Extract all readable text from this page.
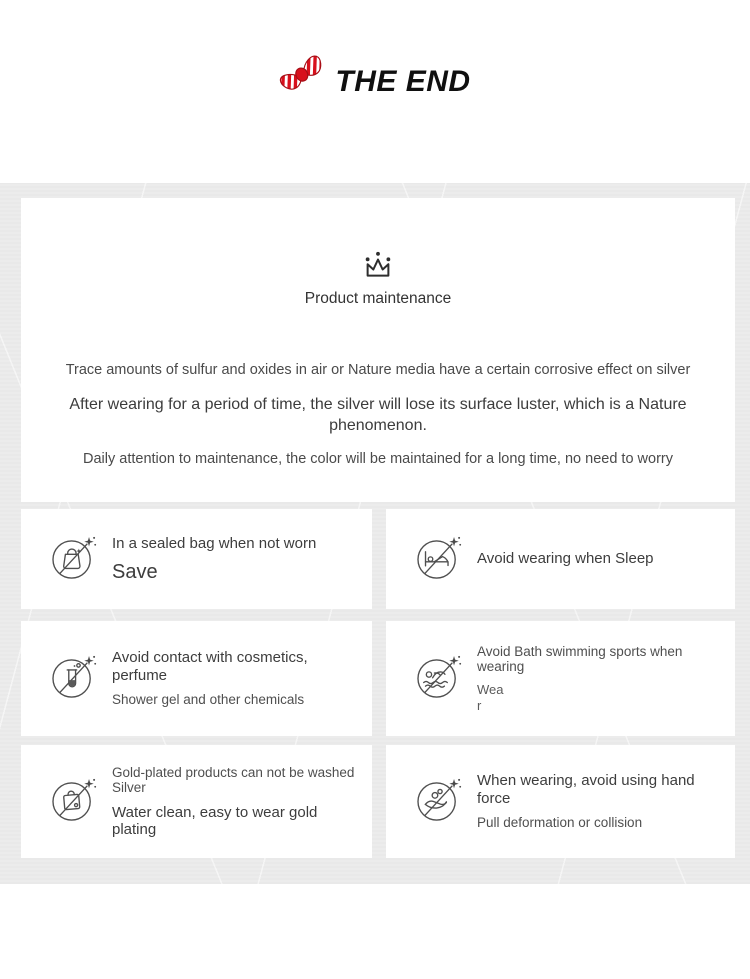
THE END
Product maintenance
Trace amounts of sulfur and oxides in air or Nature media have a certain corrosive effect on silver
After wearing for a period of time, the silver will lose its surface luster, which is a Nature phenomenon.
Daily attention to maintenance, the color will be maintained for a long time, no need to worry
In a sealed bag when not worn
Save
Avoid wearing when Sleep
Avoid contact with cosmetics, perfume
Shower gel and other chemicals
Avoid Bath swimming sports when wearing
Wea
r
Gold-plated products can not be washed Silver
Water clean, easy to wear gold plating
When wearing, avoid using hand force
Pull deformation or collision
